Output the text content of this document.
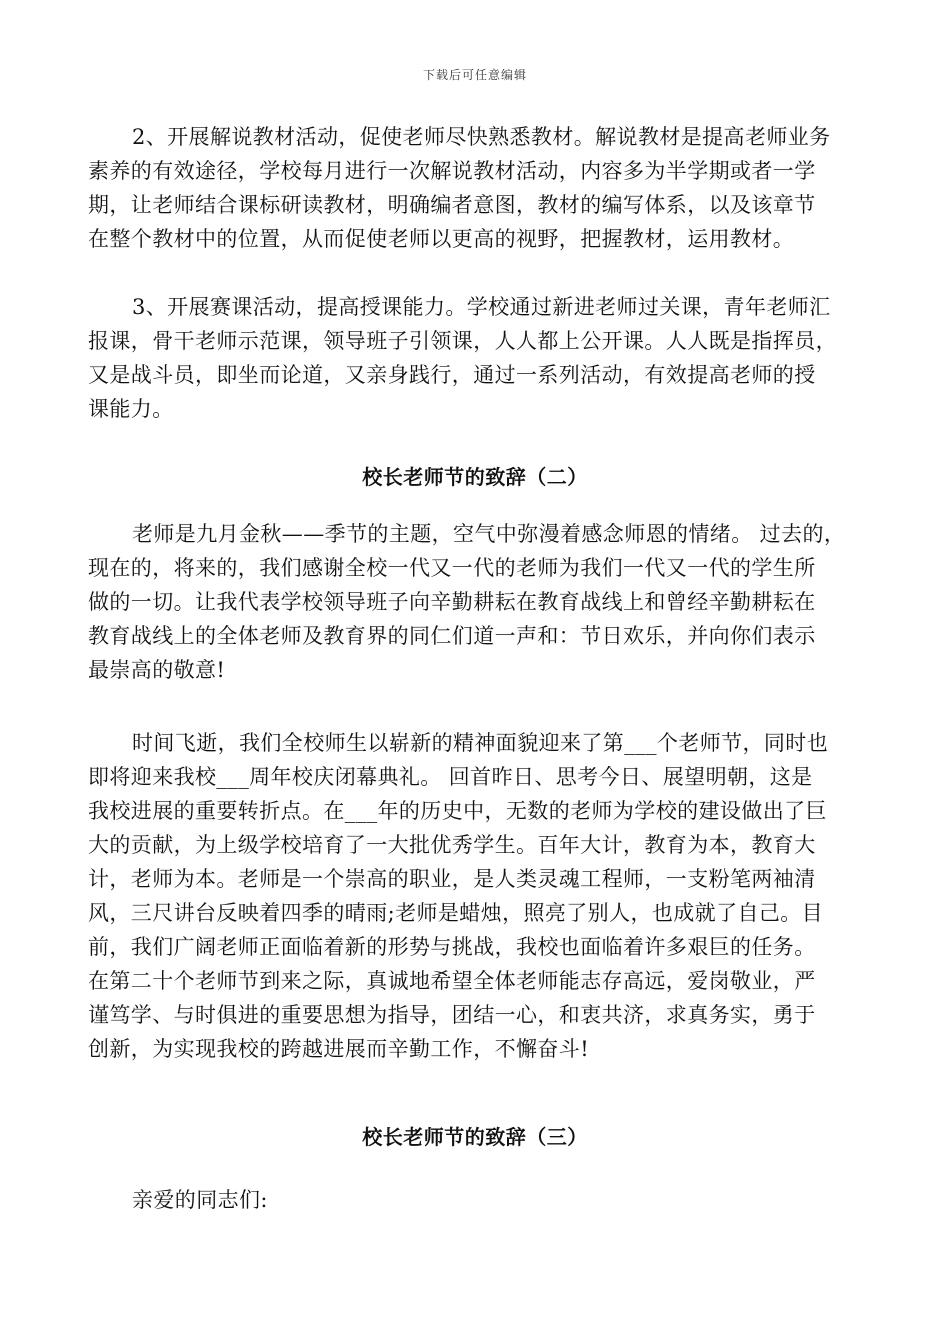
下载后可任意编辑
2、开展解说教材活动，促使老师尽快熟悉教材。解说教材是提高老师业务
素养的有效途径，学校每月进行一次解说教材活动，内容多为半学期或者一学
期，让老师结合课标研读教材，明确编者意图，教材的编写体系，以及该章节
在整个教材中的位置，从而促使老师以更高的视野，把握教材，运用教材。
3、开展赛课活动，提高授课能力。学校通过新进老师过关课，青年老师汇
报课，骨干老师示范课，领导班子引领课，人人都上公开课。人人既是指挥员，
又是战斗员，即坐而论道，又亲身践行，通过一系列活动，有效提高老师的授
课能力。
校长老师节的致辞（二）
老师是九月金秋——季节的主题，空气中弥漫着感念师恩的情绪。 过去的，
现在的，将来的，我们感谢全校一代又一代的老师为我们一代又一代的学生所
做的一切。让我代表学校领导班子向辛勤耕耘在教育战线上和曾经辛勤耕耘在
教育战线上的全体老师及教育界的同仁们道一声和：节日欢乐，并向你们表示
最崇高的敬意!
时间飞逝，我们全校师生以崭新的精神面貌迎来了第___个老师节，同时也
即将迎来我校___周年校庆闭幕典礼。 回首昨日、思考今日、展望明朝，这是
我校进展的重要转折点。在___年的历史中，无数的老师为学校的建设做出了巨
大的贡献，为上级学校培育了一大批优秀学生。百年大计，教育为本，教育大
计，老师为本。老师是一个崇高的职业，是人类灵魂工程师，一支粉笔两袖清
风，三尺讲台反映着四季的晴雨;老师是蜡烛，照亮了别人，也成就了自己。目
前，我们广阔老师正面临着新的形势与挑战，我校也面临着许多艰巨的任务。
在第二十个老师节到来之际，真诚地希望全体老师能志存高远，爱岗敬业，严
谨笃学、与时俱进的重要思想为指导，团结一心，和衷共济，求真务实，勇于
创新，为实现我校的跨越进展而辛勤工作，不懈奋斗!
校长老师节的致辞（三）
亲爱的同志们:
